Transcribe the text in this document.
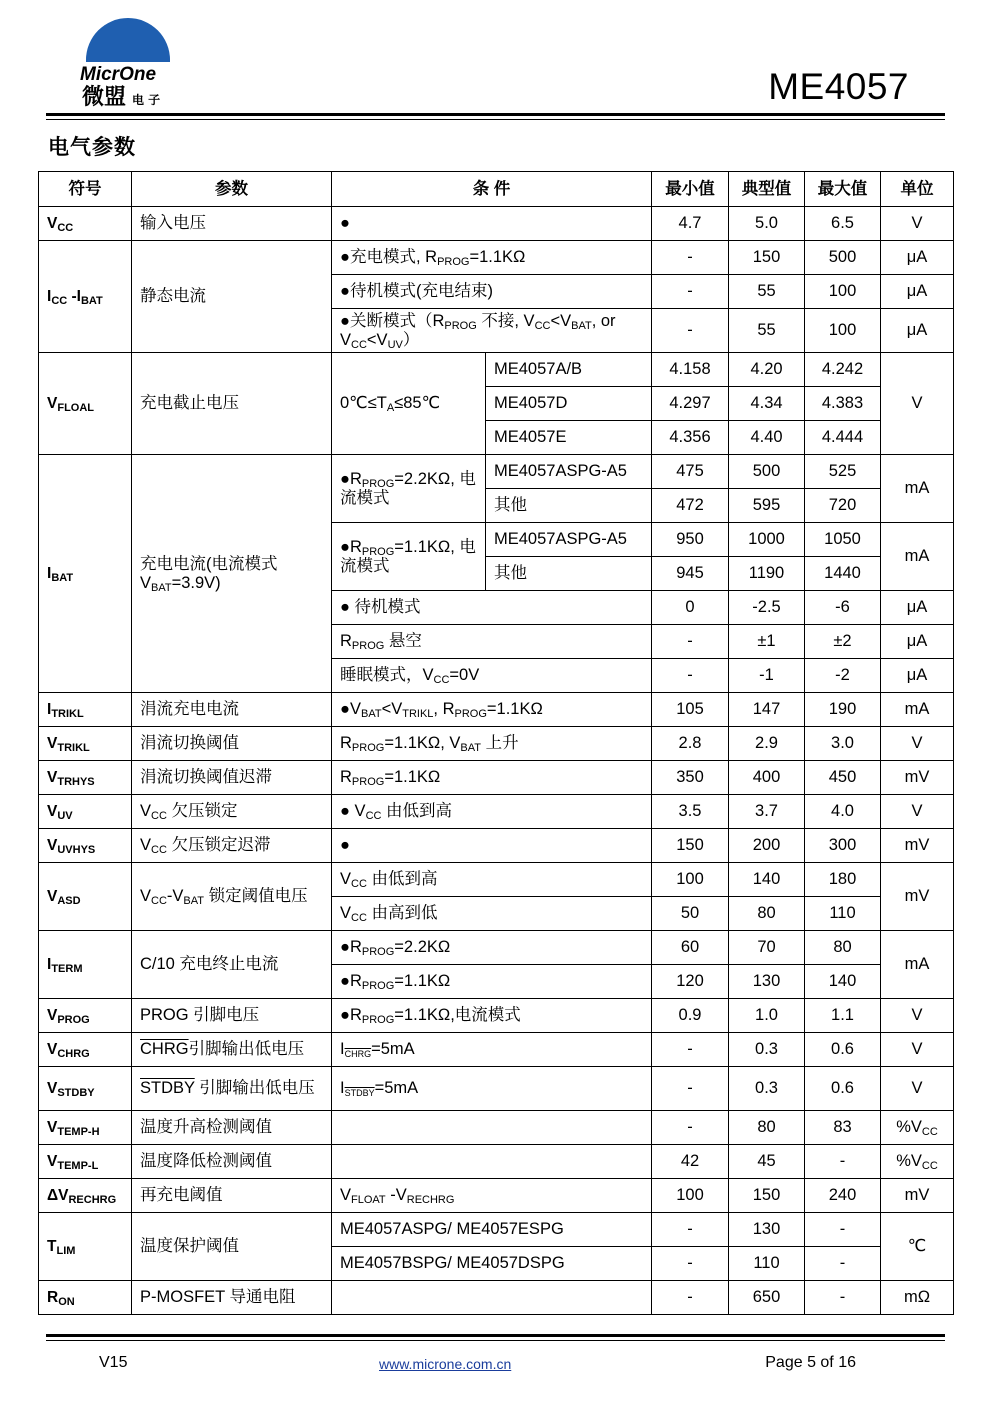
MicrOne
微盟 电 子	ME4057
电气参数
符号	参数	条 件		最小值	典型值	最大值	单位
$V_{CC}$	输入电压	●		4.7	5.0	6.5	V
$I_{CC}$ $-I_{BAT}$	静态电流	●充电模式, $R_{PROG}=1.1K\Omega$		-	150	500	μA
		●待机模式(充电结束)		-	55	100	μA
		●关断模式（$R_{PROG}$ 不接, $V_{CC}<V_{BAT}$, or $V_{CC}<V_{UV}$）		-	55	100	μA
$V_{FLOAL}$	充电截止电压	$0℃\le T_A\le 85℃$	ME4057A/B	4.158	4.20	4.242	V
			ME4057D	4.297	4.34	4.383	
			ME4057E	4.356	4.40	4.444	
$I_{BAT}$	充电电流(电流模式 $V_{BAT}=3.9V$)	$●R_{PROG}=2.2K\Omega$, 电流模式	ME4057ASPG-A5	475	500	525	mA
			其他	472	595	720	
		$●R_{PROG}=1.1K\Omega$, 电流模式	ME4057ASPG-A5	950	1000	1050	mA
			其他	945	1190	1440	
		● 待机模式		0	-2.5	-6	μA
		$R_{PROG}$ 悬空		-	±1	±2	μA
		睡眠模式，$V_{CC}=0V$		-	-1	-2	μA
$I_{TRIKL}$	涓流充电电流	$●V_{BAT}<V_{TRIKL}$, $R_{PROG}=1.1K\Omega$		105	147	190	mA
$V_{TRIKL}$	涓流切换阈值	$R_{PROG}=1.1K\Omega$, $V_{BAT}$ 上升		2.8	2.9	3.0	V
$V_{TRHYS}$	涓流切换阈值迟滞	$R_{PROG}=1.1K\Omega$		350	400	450	mV
$V_{UV}$	$V_{CC}$ 欠压锁定	● $V_{CC}$ 由低到高		3.5	3.7	4.0	V
$V_{UVHYS}$	$V_{CC}$ 欠压锁定迟滞	●		150	200	300	mV
$V_{ASD}$	$V_{CC}-V_{BAT}$ 锁定阈值电压	$V_{CC}$ 由低到高		100	140	180	mV
		$V_{CC}$ 由高到低		50	80	110	
$I_{TERM}$	C/10 充电终止电流	$●R_{PROG}=2.2K\Omega$		60	70	80	mA
		$●R_{PROG}=1.1K\Omega$		120	130	140	
$V_{PROG}$	PROG 引脚电压	$●R_{PROG}=1.1K\Omega$,电流模式		0.9	1.0	1.1	V
$V_{CHRG}$	CHRG引脚输出低电压	$I_{CHRG}=5mA$		-	0.3	0.6	V
$V_{STDBY}$	STDBY 引脚输出低电压	$I_{STDBY}=5mA$		-	0.3	0.6	V
$V_{TEMP-H}$	温度升高检测阈值			-	80	83	$\%V_{CC}$
$V_{TEMP-L}$	温度降低检测阈值			42	45	-	$\%V_{CC}$
$\Delta V_{RECHRG}$	再充电阈值	$V_{FLOAT}$ $-V_{RECHRG}$		100	150	240	mV
$T_{LIM}$	温度保护阈值	ME4057ASPG/ ME4057ESPG		-	130	-	℃
		ME4057BSPG/ ME4057DSPG		-	110	-	
$R_{ON}$	P-MOSFET 导通电阻			-	650	-	mΩ
V15	www.microne.com.cn	Page 5 of 16
